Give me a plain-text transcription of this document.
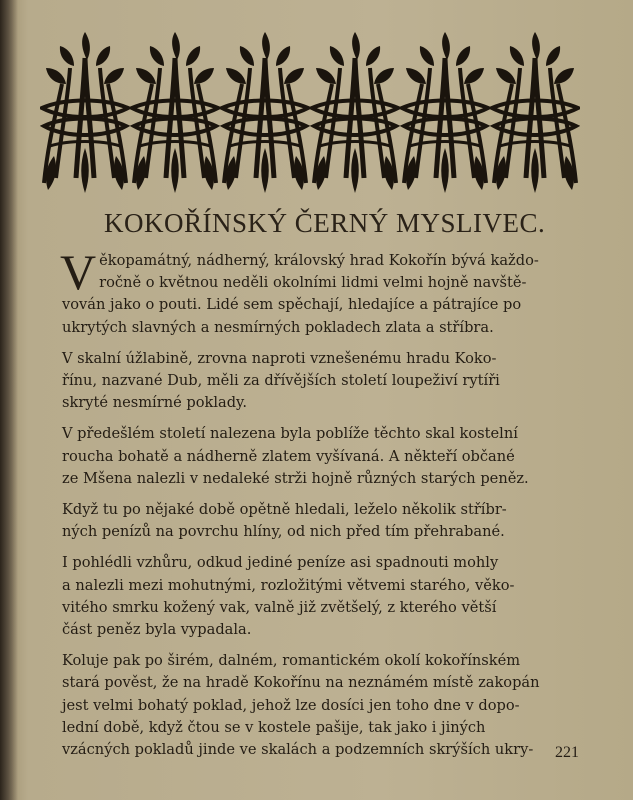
KOKOŘÍNSKÝ ČERNÝ MYSLIVEC.
V ěkopamátný, nádherný, královský hrad Kokořín bývá každo-
ročně o květnou neděli okolními lidmi velmi hojně navště-
vován jako o pouti. Lidé sem spěchají, hledajíce a pátrajíce po
ukrytých slavných a nesmírných pokladech zlata a stříbra.
V skalní úžlabině, zrovna naproti vznešenému hradu Koko-
řínu, nazvané Dub, měli za dřívějších století loupeživí rytíři
skryté nesmírné poklady.
V předešlém století nalezena byla poblíže těchto skal kostelní
roucha bohatě a nádherně zlatem vyšívaná. A někteří občané
ze Mšena nalezli v nedaleké strži hojně různých starých peněz.
Když tu po nějaké době opětně hledali, leželo několik stříbr-
ných penízů na povrchu hlíny, od nich před tím přehrabané.
I pohlédli vzhůru, odkud jediné peníze asi spadnouti mohly
a nalezli mezi mohutnými, rozložitými větvemi starého, věko-
vitého smrku kožený vak, valně již zvětšelý, z kterého větší
část peněz byla vypadala.
Koluje pak po širém, dalném, romantickém okolí kokořínském
stará pověst, že na hradě Kokořínu na neznámém místě zakopán
jest velmi bohatý poklad, jehož lze dosíci jen toho dne v dopo-
lední době, když čtou se v kostele pašije, tak jako i jiných
vzácných pokladů jinde ve skalách a podzemních skrýších ukry-	221
